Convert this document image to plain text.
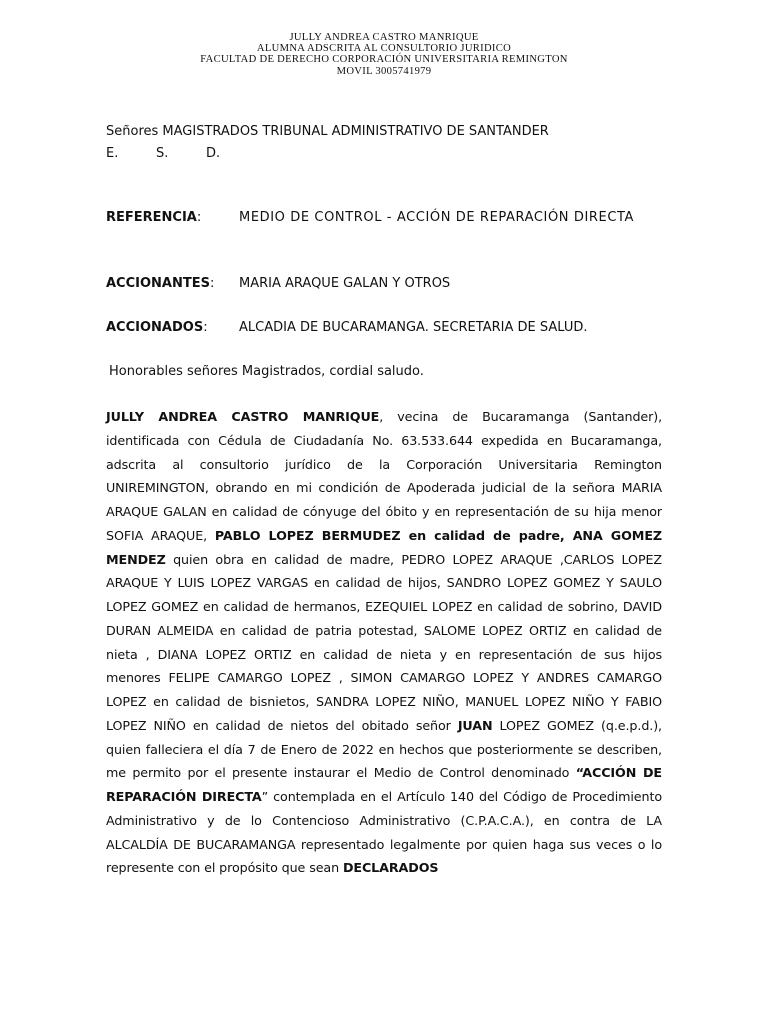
JULLY ANDREA CASTRO MANRIQUE
ALUMNA ADSCRITA AL CONSULTORIO JURIDICO
FACULTAD DE DERECHO CORPORACIÓN UNIVERSITARIA REMINGTON
MOVIL 3005741979
Señores MAGISTRADOS TRIBUNAL ADMINISTRATIVO DE SANTANDER
E.	S.	D.
REFERENCIA:	MEDIO DE CONTROL - ACCIÓN DE REPARACIÓN DIRECTA
ACCIONANTES:	MARIA ARAQUE GALAN Y OTROS
ACCIONADOS:	ALCADIA DE BUCARAMANGA. SECRETARIA DE SALUD.
Honorables señores Magistrados, cordial saludo.
JULLY ANDREA CASTRO MANRIQUE, vecina de Bucaramanga (Santander), identificada con Cédula de Ciudadanía No. 63.533.644 expedida en Bucaramanga, adscrita al consultorio jurídico de la Corporación Universitaria Remington UNIREMINGTON, obrando en mi condición de Apoderada judicial de la señora MARIA ARAQUE GALAN en calidad de cónyuge del óbito y en representación de su hija menor SOFIA ARAQUE, PABLO LOPEZ BERMUDEZ en calidad de padre, ANA GOMEZ MENDEZ quien obra en calidad de madre, PEDRO LOPEZ ARAQUE ,CARLOS LOPEZ ARAQUE Y LUIS LOPEZ VARGAS en calidad de hijos, SANDRO LOPEZ GOMEZ Y SAULO LOPEZ GOMEZ en calidad de hermanos, EZEQUIEL LOPEZ en calidad de sobrino, DAVID DURAN ALMEIDA en calidad de patria potestad, SALOME LOPEZ ORTIZ en calidad de nieta , DIANA LOPEZ ORTIZ en calidad de nieta y en representación de sus hijos menores FELIPE CAMARGO LOPEZ , SIMON CAMARGO LOPEZ Y ANDRES CAMARGO LOPEZ en calidad de bisnietos, SANDRA LOPEZ NIÑO, MANUEL LOPEZ NIÑO Y FABIO LOPEZ NIÑO en calidad de nietos del obitado señor JUAN LOPEZ GOMEZ (q.e.p.d.), quien falleciera el día 7 de Enero de 2022 en hechos que posteriormente se describen, me permito por el presente instaurar el Medio de Control denominado “ACCIÓN DE REPARACIÓN DIRECTA” contemplada en el Artículo 140 del Código de Procedimiento Administrativo y de lo Contencioso Administrativo (C.P.A.C.A.), en contra de LA ALCALDÍA DE BUCARAMANGA representado legalmente por quien haga sus veces o lo represente con el propósito que sean DECLARADOS
